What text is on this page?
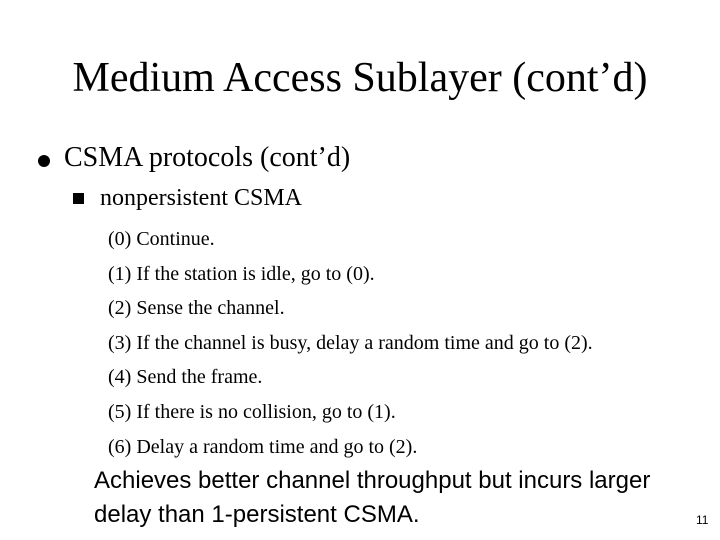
Medium Access Sublayer (cont’d)
CSMA protocols (cont’d)
nonpersistent CSMA
(0) Continue.
(1) If the station is idle, go to (0).
(2) Sense the channel.
(3) If the channel is busy, delay a random time and go to (2).
(4) Send the frame.
(5) If there is no collision, go to (1).
(6) Delay a random time and go to (2).
Achieves better channel throughput but incurs larger
delay than 1-persistent CSMA.	11
